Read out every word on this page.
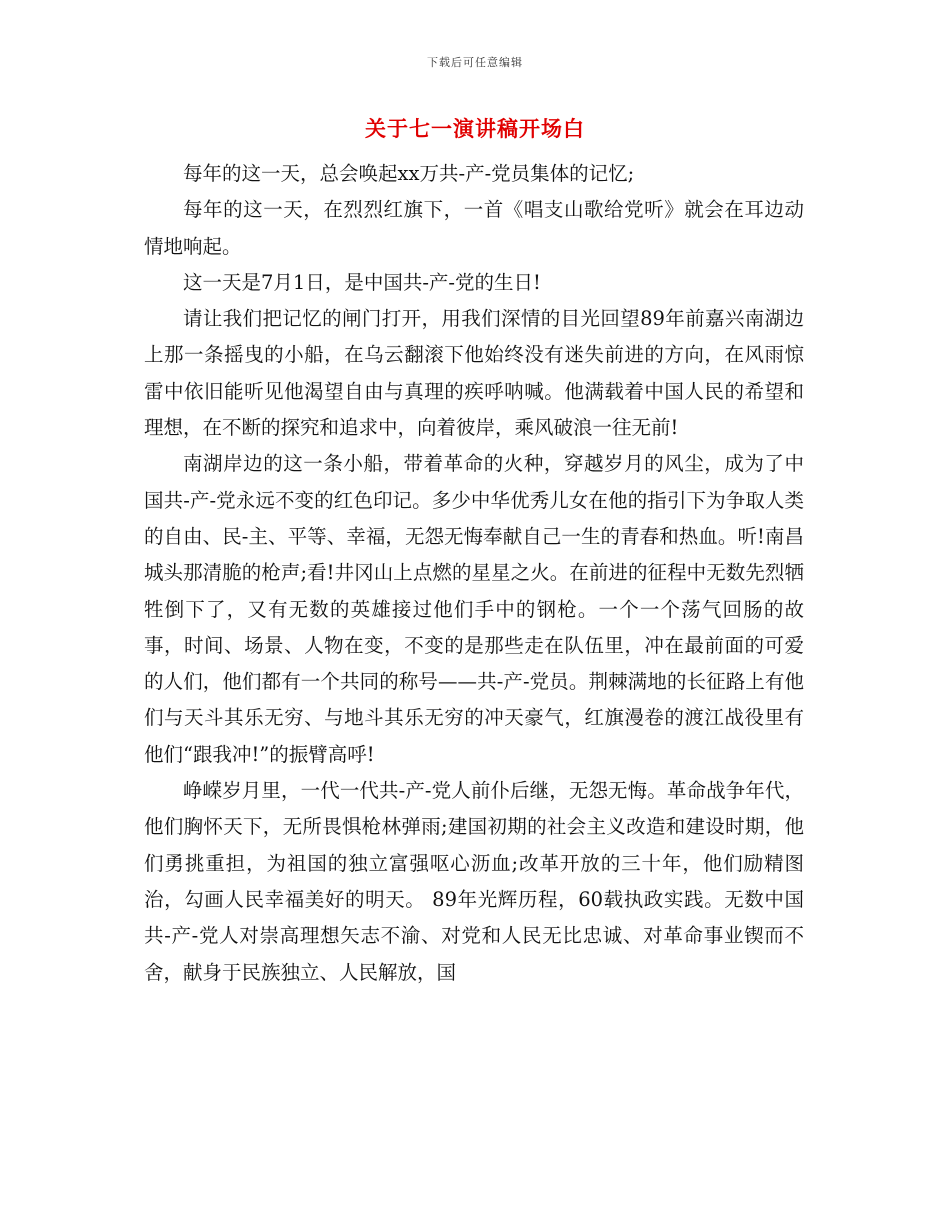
下载后可任意编辑
关于七一演讲稿开场白

每年的这一天，总会唤起xx万共-产-党员集体的记忆;

每年的这一天，在烈烈红旗下，一首《唱支山歌给党听》就会在耳边动情地响起。

这一天是7月1日，是中国共-产-党的生日!

请让我们把记忆的闸门打开，用我们深情的目光回望89年前嘉兴南湖边上那一条摇曳的小船，在乌云翻滚下他始终没有迷失前进的方向，在风雨惊雷中依旧能听见他渴望自由与真理的疾呼呐喊。他满载着中国人民的希望和理想，在不断的探究和追求中，向着彼岸，乘风破浪一往无前!

南湖岸边的这一条小船，带着革命的火种，穿越岁月的风尘，成为了中国共-产-党永远不变的红色印记。多少中华优秀儿女在他的指引下为争取人类的自由、民-主、平等、幸福，无怨无悔奉献自己一生的青春和热血。听!南昌城头那清脆的枪声;看!井冈山上点燃的星星之火。在前进的征程中无数先烈牺牲倒下了，又有无数的英雄接过他们手中的钢枪。一个一个荡气回肠的故事，时间、场景、人物在变，不变的是那些走在队伍里，冲在最前面的可爱的人们，他们都有一个共同的称号——共-产-党员。荆棘满地的长征路上有他们与天斗其乐无穷、与地斗其乐无穷的冲天豪气，红旗漫卷的渡江战役里有他们“跟我冲!”的振臂高呼!

峥嵘岁月里，一代一代共-产-党人前仆后继，无怨无悔。革命战争年代，他们胸怀天下，无所畏惧枪林弹雨;建国初期的社会主义改造和建设时期，他们勇挑重担，为祖国的独立富强呕心沥血;改革开放的三十年，他们励精图治，勾画人民幸福美好的明天。 89年光辉历程，60载执政实践。无数中国共-产-党人对崇高理想矢志不渝、对党和人民无比忠诚、对革命事业锲而不舍，献身于民族独立、人民解放，国
